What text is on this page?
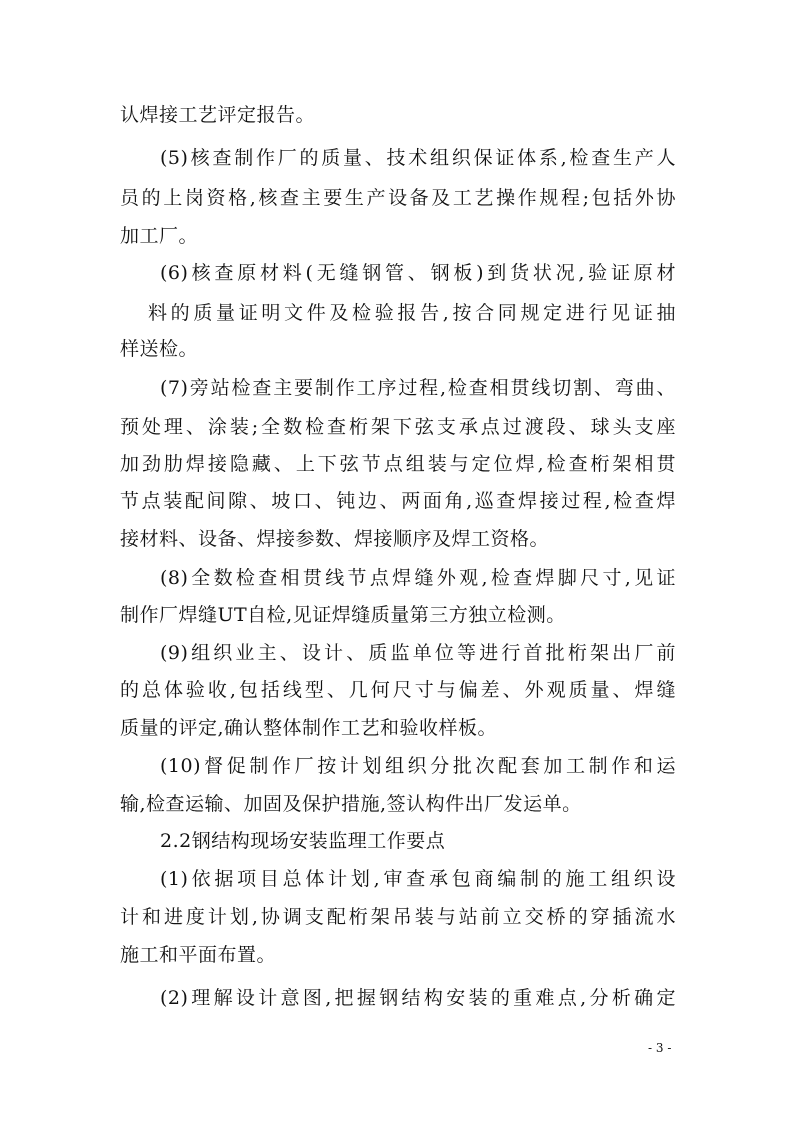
认焊接工艺评定报告。
(5)核查制作厂的质量、技术组织保证体系,检查生产人
员的上岗资格,核查主要生产设备及工艺操作规程;包括外协
加工厂。
(6)核查原材料(无缝钢管、钢板)到货状况,验证原材
料的质量证明文件及检验报告,按合同规定进行见证抽
样送检。
(7)旁站检查主要制作工序过程,检查相贯线切割、弯曲、
预处理、涂装;全数检查桁架下弦支承点过渡段、球头支座
加劲肋焊接隐藏、上下弦节点组装与定位焊,检查桁架相贯
节点装配间隙、坡口、钝边、两面角,巡查焊接过程,检查焊
接材料、设备、焊接参数、焊接顺序及焊工资格。
(8)全数检查相贯线节点焊缝外观,检查焊脚尺寸,见证
制作厂焊缝UT自检,见证焊缝质量第三方独立检测。
(9)组织业主、设计、质监单位等进行首批桁架出厂前
的总体验收,包括线型、几何尺寸与偏差、外观质量、焊缝
质量的评定,确认整体制作工艺和验收样板。
(10)督促制作厂按计划组织分批次配套加工制作和运
输,检查运输、加固及保护措施,签认构件出厂发运单。
2.2钢结构现场安装监理工作要点
(1)依据项目总体计划,审查承包商编制的施工组织设
计和进度计划,协调支配桁架吊装与站前立交桥的穿插流水
施工和平面布置。
(2)理解设计意图,把握钢结构安装的重难点,分析确定
- 3 -
